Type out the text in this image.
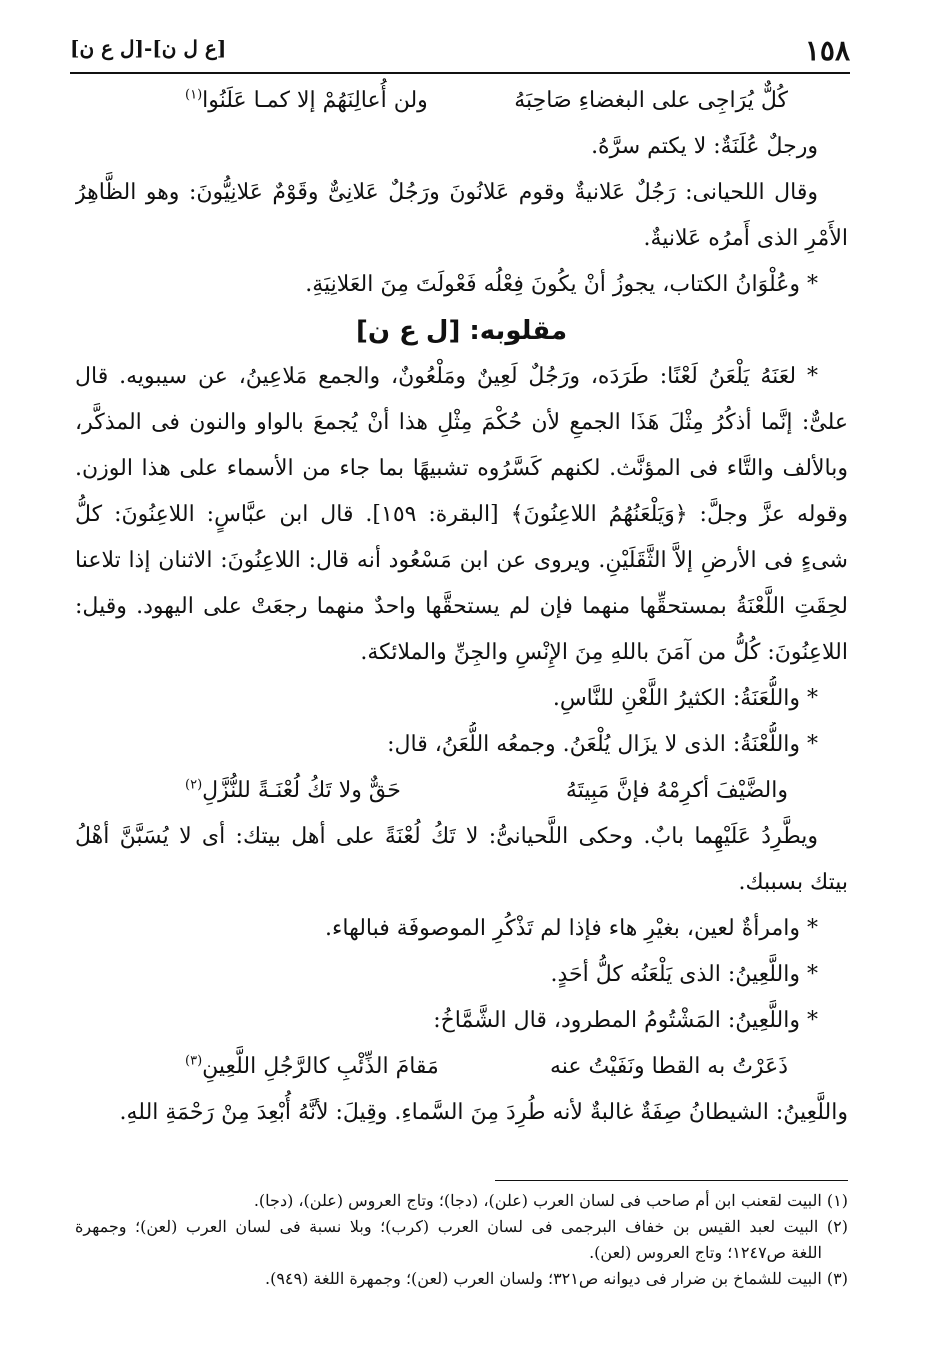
١٥٨
[ع ل ن]-[ل ع ن]
كُلٌّ يُرَاجِى على البغضاءِ صَاحِبَهُ
ولن أُعالِنَهُمْ إلا كمـا عَلَنُوا$^{(١)}$
ورجلٌ عُلَنَةٌ: لا يكتم سرَّهُ.
وقال اللحيانى: رَجُلٌ عَلانيةٌ وقوم عَلانُونَ ورَجُلٌ عَلانِىٌّ وقَوْمٌ عَلانِيُّونَ: وهو الظَّاهِرُ
الأَمْرِ الذى أَمرُه عَلانيةٌ.
* وعُلْوَانُ الكتاب، يجوزُ أنْ يكُونَ فِعْلُه فَعْولَتَ مِنَ العَلانِيَةِ.
مقلوبه: [ل ع ن]
* لعَنَهُ يَلْعَنُ لَعْنًا: طَرَدَه، ورَجُلٌ لَعِينٌ ومَلْعُونٌ، والجمع مَلاعِينُ، عن سيبويه. قال
علىٌّ: إنَّما أذكُرُ مِثْلَ هَذَا الجمعِ لأن حُكْمَ مِثْلِ هذا أنْ يُجمعَ بالواو والنون فى المذكَّر،
وبالألف والتَّاء فى المؤنَّث. لكنهم كَسَّرُوه تشبيهًا بما جاء من الأسماء على هذا الوزن.
وقوله عزَّ وجلَّ: ﴿وَيَلْعَنُهُمُ اللاعِنُونَ﴾ [البقرة: ١٥٩]. قال ابن عبَّاسٍ: اللاعِنُونَ: كلُّ
شىءٍ فى الأرضِ إلاَّ الثَّقَلَيْنِ. ويروى عن ابن مَسْعُود أنه قال: اللاعِنُونَ: الاثنان إذا تلاعنا
لحِقَتِ اللَّعْنَةُ بمستحقِّها منهما فإن لم يستحقَّها واحدٌ منهما رجعَتْ على اليهود. وقيل:
اللاعِنُونَ: كُلُّ من آمَنَ باللهِ مِنَ الإِنْسِ والجِنِّ والملائكة.
* واللُّعَنَةُ: الكثيرُ اللَّعْنِ للنَّاسِ.
* واللُّعْنَةُ: الذى لا يزَال يُلْعَنُ. وجمعُه اللُّعَنُ، قال:
والضَّيْفَ أكرِمْهُ فإنَّ مَبِيتَهُ
حَقٌّ ولا تَكُ لُعْنَـةً للنُّزَّلِ$^{(٢)}$
ويطَّرِدُ عَلَيْهِما بابٌ. وحكى اللَّحيانىُّ: لا تَكُ لُعْنَةً على أهل بيتك: أى لا يُسَبَّنَّ أهْلُ
بيتك بسببك.
* وامرأةٌ لعين، بغيْرِ هاء فإذا لم تَذْكُرِ الموصوفَة فبالهاء.
* واللَّعِينُ: الذى يَلْعَنُه كلُّ أحَدٍ.
* واللَّعِينُ: المَشْتُومُ المطرود، قال الشَّمَّاخُ:
ذَعَرْتُ به القطا ونَفَيْتُ عنه
مَقامَ الذِّئْبِ كالرَّجُلِ اللَّعِينِ$^{(٣)}$
واللَّعِينُ: الشيطانُ صِفَةٌ غالبةٌ لأنه طُرِدَ مِنَ السَّماءِ. وقِيلَ: لأنَّهُ أُبْعِدَ مِنْ رَحْمَةِ اللهِ.
(١) البيت لقعنب ابن أم صاحب فى لسان العرب (علن)، (دجا)؛ وتاج العروس (علن)، (دجا).
(٢) البيت لعبد القيس بن خفاف البرجمى فى لسان العرب (كرب)؛ وبلا نسبة فى لسان العرب (لعن)؛ وجمهرة
اللغة ص١٢٤٧؛ وتاج العروس (لعن).
(٣) البيت للشماخ بن ضرار فى ديوانه ص٣٢١؛ ولسان العرب (لعن)؛ وجمهرة اللغة (٩٤٩).
